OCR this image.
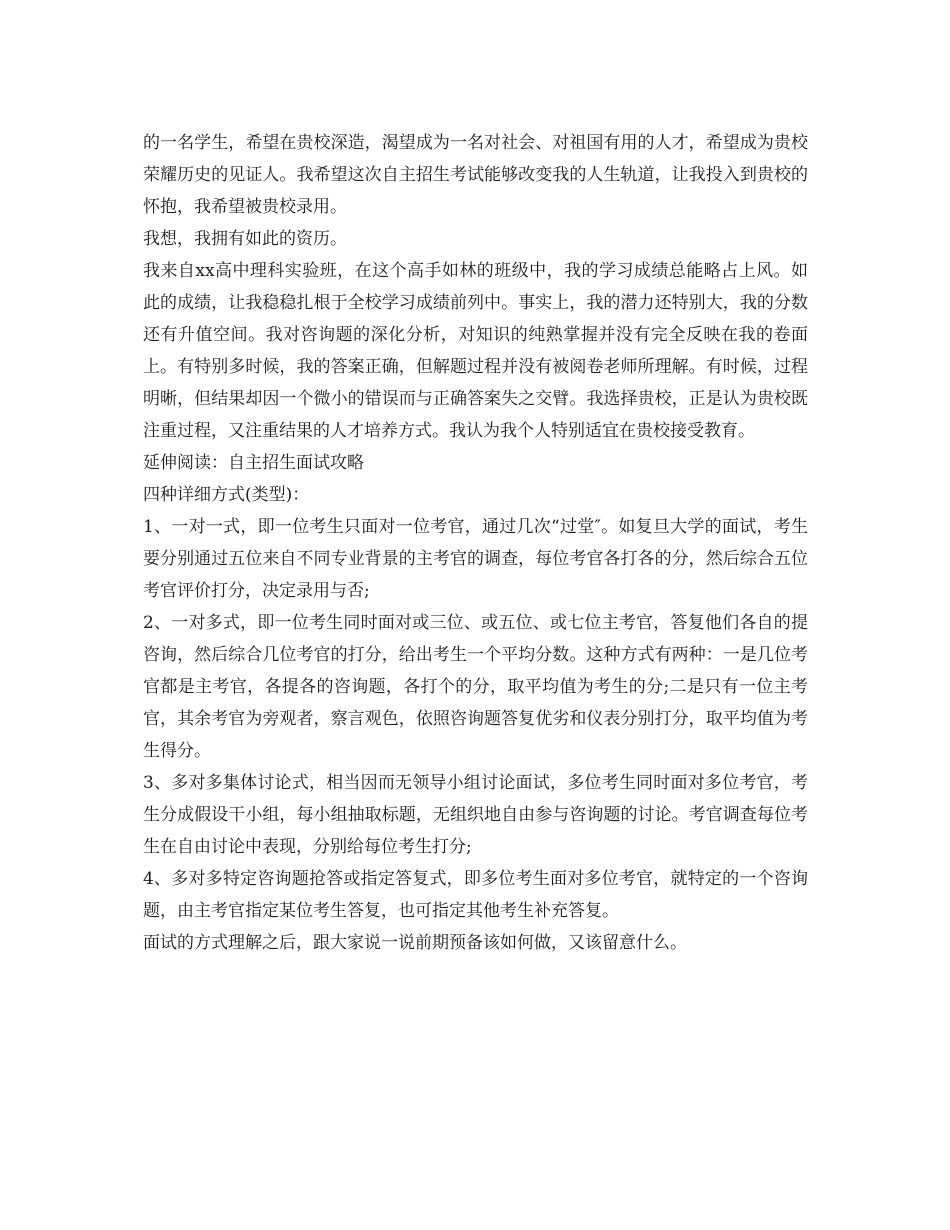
的一名学生，希望在贵校深造，渴望成为一名对社会、对祖国有用的人才，希望成为贵校荣耀历史的见证人。我希望这次自主招生考试能够改变我的人生轨道，让我投入到贵校的怀抱，我希望被贵校录用。

我想，我拥有如此的资历。

我来自xx高中理科实验班，在这个高手如林的班级中，我的学习成绩总能略占上风。如此的成绩，让我稳稳扎根于全校学习成绩前列中。事实上，我的潜力还特别大，我的分数还有升值空间。我对咨询题的深化分析，对知识的纯熟掌握并没有完全反映在我的卷面上。有特别多时候，我的答案正确，但解题过程并没有被阅卷老师所理解。有时候，过程明晰，但结果却因一个微小的错误而与正确答案失之交臂。我选择贵校，正是认为贵校既注重过程，又注重结果的人才培养方式。我认为我个人特别适宜在贵校接受教育。

延伸阅读：自主招生面试攻略

四种详细方式(类型)：

1、一对一式，即一位考生只面对一位考官，通过几次“过堂″。如复旦大学的面试，考生要分别通过五位来自不同专业背景的主考官的调查，每位考官各打各的分，然后综合五位考官评价打分，决定录用与否;

2、一对多式，即一位考生同时面对或三位、或五位、或七位主考官，答复他们各自的提咨询，然后综合几位考官的打分，给出考生一个平均分数。这种方式有两种：一是几位考官都是主考官，各提各的咨询题，各打个的分，取平均值为考生的分;二是只有一位主考官，其余考官为旁观者，察言观色，依照咨询题答复优劣和仪表分别打分，取平均值为考生得分。

3、多对多集体讨论式，相当因而无领导小组讨论面试，多位考生同时面对多位考官，考生分成假设干小组，每小组抽取标题，无组织地自由参与咨询题的讨论。考官调查每位考生在自由讨论中表现，分别给每位考生打分;

4、多对多特定咨询题抢答或指定答复式，即多位考生面对多位考官，就特定的一个咨询题，由主考官指定某位考生答复，也可指定其他考生补充答复。

面试的方式理解之后，跟大家说一说前期预备该如何做，又该留意什么。
